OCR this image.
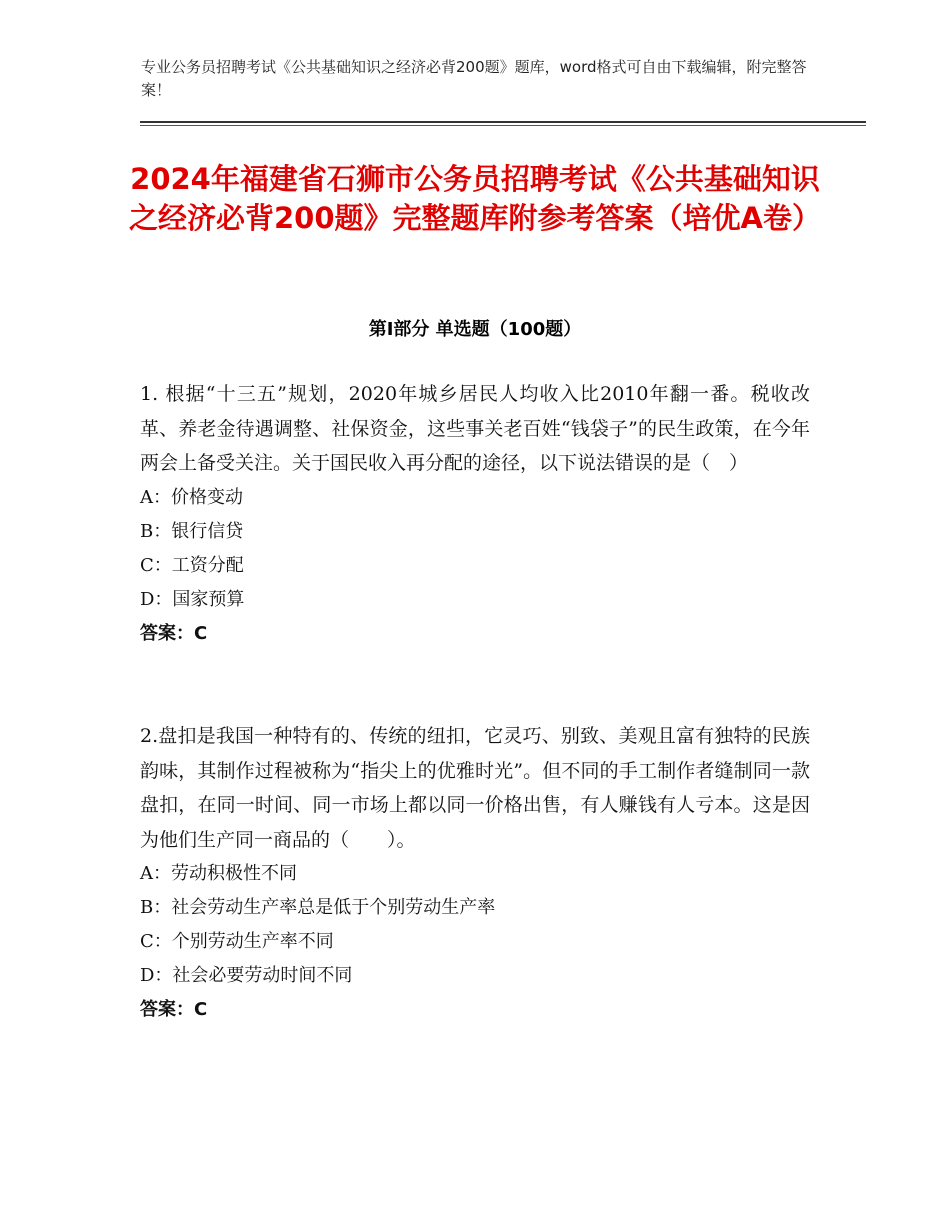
专业公务员招聘考试《公共基础知识之经济必背200题》题库，word格式可自由下载编辑，附完整答案！
2024年福建省石狮市公务员招聘考试《公共基础知识之经济必背200题》完整题库附参考答案（培优A卷）
第Ⅰ部分 单选题（100题）

1. 根据“十三五”规划，2020年城乡居民人均收入比2010年翻一番。税收改革、养老金待遇调整、社保资金，这些事关老百姓“钱袋子”的民生政策，在今年两会上备受关注。关于国民收入再分配的途径，以下说法错误的是（　）

A：价格变动

B：银行信贷

C：工资分配

D：国家预算

答案：C

2.盘扣是我国一种特有的、传统的纽扣，它灵巧、别致、美观且富有独特的民族韵味，其制作过程被称为“指尖上的优雅时光”。但不同的手工制作者缝制同一款盘扣，在同一时间、同一市场上都以同一价格出售，有人赚钱有人亏本。这是因为他们生产同一商品的（　　）。

A：劳动积极性不同

B：社会劳动生产率总是低于个别劳动生产率

C：个别劳动生产率不同

D：社会必要劳动时间不同

答案：C
